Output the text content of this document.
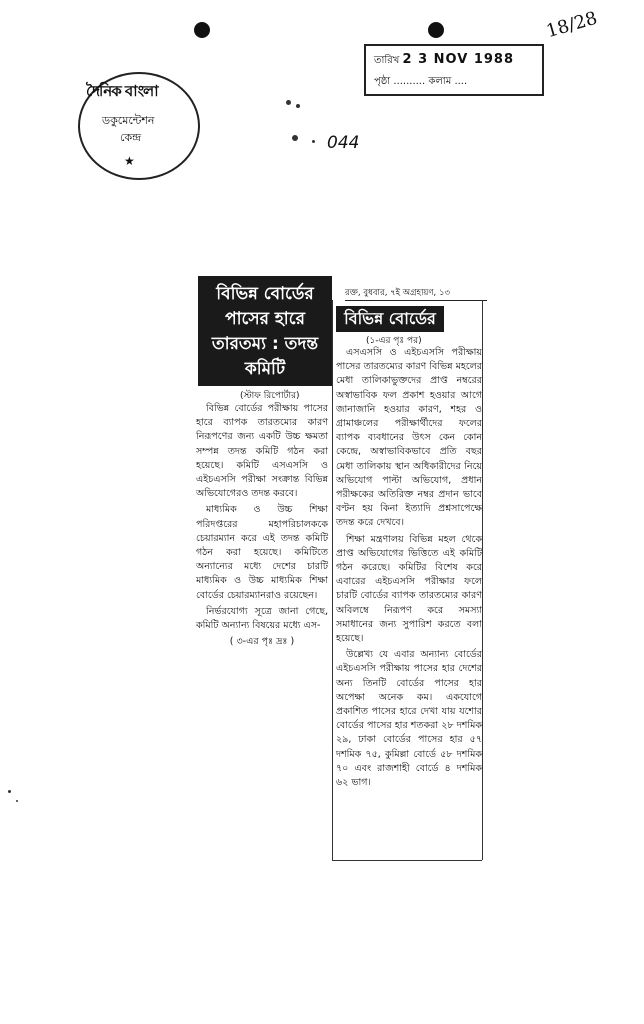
দৈনিক বাংলা
ডকুমেন্টেশন
কেন্দ্র
★
তারিখ 2 3 NOV 1988
পৃষ্ঠা .......... কলাম ....
18/28
044
বিভিন্ন বোর্ডের পাসের হারে তারতম্য : তদন্ত কমিটি
(স্টাফ রিপোর্টার)

বিভিন্ন বোর্ডের পরীক্ষায় পাসের হারে ব্যাপক তারতম্যের কারণ নিরূপণের জন্য একটি উচ্চ ক্ষমতা সম্পন্ন তদন্ত কমিটি গঠন করা হয়েছে। কমিটি এসএসসি ও এইচএসসি পরীক্ষা সংক্রান্ত বিভিন্ন অভিযোগেরও তদন্ত করবে।

মাধ্যমিক ও উচ্চ শিক্ষা পরিদপ্তরের মহাপরিচালককে চেয়ারম্যান করে এই তদন্ত কমিটি গঠন করা হয়েছে। কমিটিতে অন্যান্যের মধ্যে দেশের চারটি মাধ্যমিক ও উচ্চ মাধ্যমিক শিক্ষা বোর্ডের চেয়ারম্যানরাও রয়েছেন।

নির্ভরযোগ্য সূত্রে জানা গেছে, কমিটি অন্যান্য বিষয়ের মধ্যে এস-

( ৩-এর পৃঃ দ্রঃ )
রক্ত, বুধবার, ৭ই অগ্রহায়ণ, ১৩
বিভিন্ন বোর্ডের
(১-এর পৃঃ পর)

এসএসসি ও এইচএসসি পরীক্ষায় পাসের তারতম্যের কারণ বিভিন্ন মহলের মেধা তালিকাভুক্তদের প্রাপ্ত নম্বরের অস্বাভাবিক ফল প্রকাশ হওয়ার আগে জানাজানি হওয়ার কারণ, শহর ও গ্রামাঞ্চলের পরীক্ষার্থীদের ফলের ব্যাপক ব্যবধানের উৎস কেন কোন কেন্দ্রে, অস্বাভাবিকভাবে প্রতি বছর মেধা তালিকায় স্থান অধিকারীদের নিয়ে অভিযোগ পাল্টা অভিযোগ, প্রধান পরীক্ষকের অতিরিক্ত নম্বর প্রদান ভাবে বণ্টন হয় কিনা ইত্যাদি প্রশ্নসাপেক্ষে তদন্ত করে দেখবে।

শিক্ষা মন্ত্রণালয় বিভিন্ন মহল থেকে প্রাপ্ত অভিযোগের ভিত্তিতে এই কমিটি গঠন করেছে। কমিটির বিশেষ করে এবারের এইচএসসি পরীক্ষার ফলে চারটি বোর্ডের ব্যাপক তারতম্যের কারণ অবিলম্বে নিরূপণ করে সমস্যা সমাধানের জন্য সুপারিশ করতে বলা হয়েছে।

উল্লেখ্য যে এবার অন্যান্য বোর্ডের এইচএসসি পরীক্ষায় পাসের হার দেশের অন্য তিনটি বোর্ডের পাসের হার অপেক্ষা অনেক কম। একযোগে প্রকাশিত পাসের হারে দেখা যায় যশোর বোর্ডের পাসের হার শতকরা ২৮ দশমিক ২৯, ঢাকা বোর্ডের পাসের হার ৫৭ দশমিক ৭৫, কুমিল্লা বোর্ডে ৫৮ দশমিক ৭০ এবং রাজশাহী বোর্ডে ৪ দশমিক ৬২ ভাগ।
